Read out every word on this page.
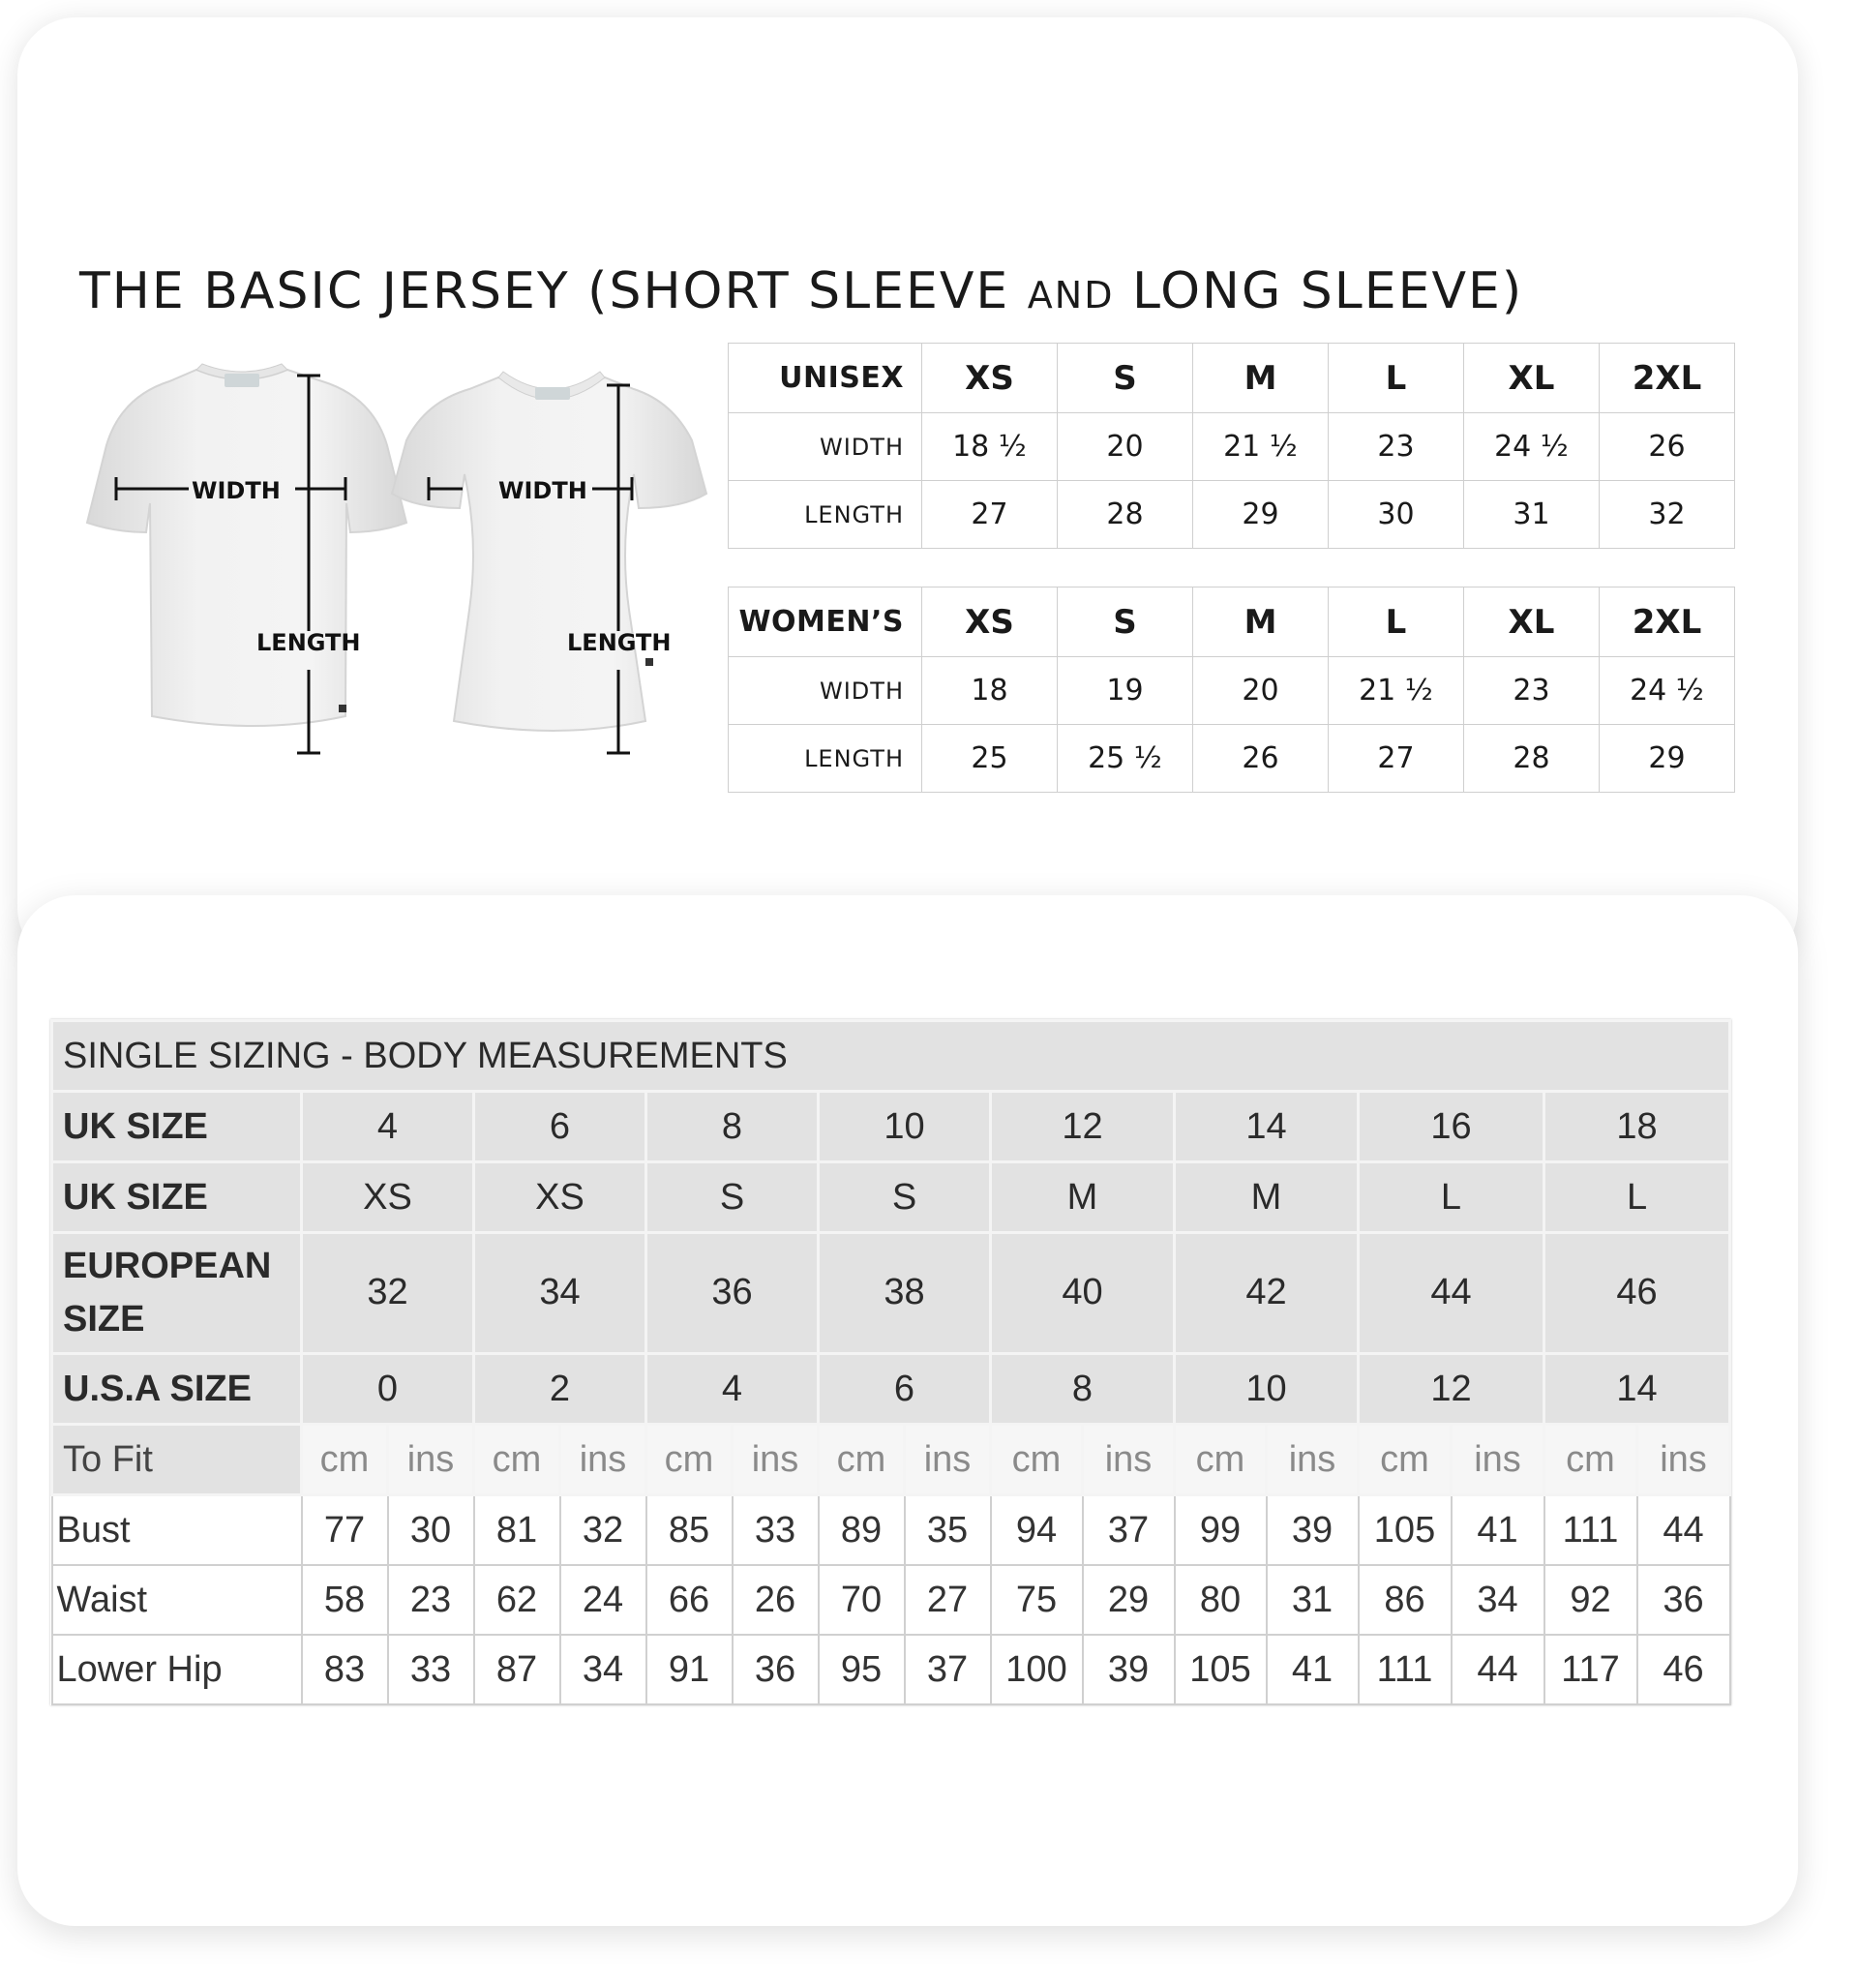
THE BASIC JERSEY (SHORT SLEEVE AND LONG SLEEVE)
WIDTH
LENGTH
WIDTH
LENGTH
UNISEX	XS	S	M	L	XL	2XL
WIDTH	18 ½	20	21 ½	23	24 ½	26
LENGTH	27	28	29	30	31	32
WOMEN’S	XS	S	M	L	XL	2XL
WIDTH	18	19	20	21 ½	23	24 ½
LENGTH	25	25 ½	26	27	28	29
SINGLE SIZING - BODY MEASUREMENTS																
UK SIZE	4		6		8		10		12		14		16		18	
UK SIZE	XS		XS		S		S		M		M		L		L	
EUROPEAN
SIZE	32		34		36		38		40		42		44		46	
U.S.A SIZE	0		2		4		6		8		10		12		14	
To Fit	cm	ins	cm	ins	cm	ins	cm	ins	cm	ins	cm	ins	cm	ins	cm	ins
Bust	77	30	81	32	85	33	89	35	94	37	99	39	105	41	111	44
Waist	58	23	62	24	66	26	70	27	75	29	80	31	86	34	92	36
Lower Hip	83	33	87	34	91	36	95	37	100	39	105	41	111	44	117	46
